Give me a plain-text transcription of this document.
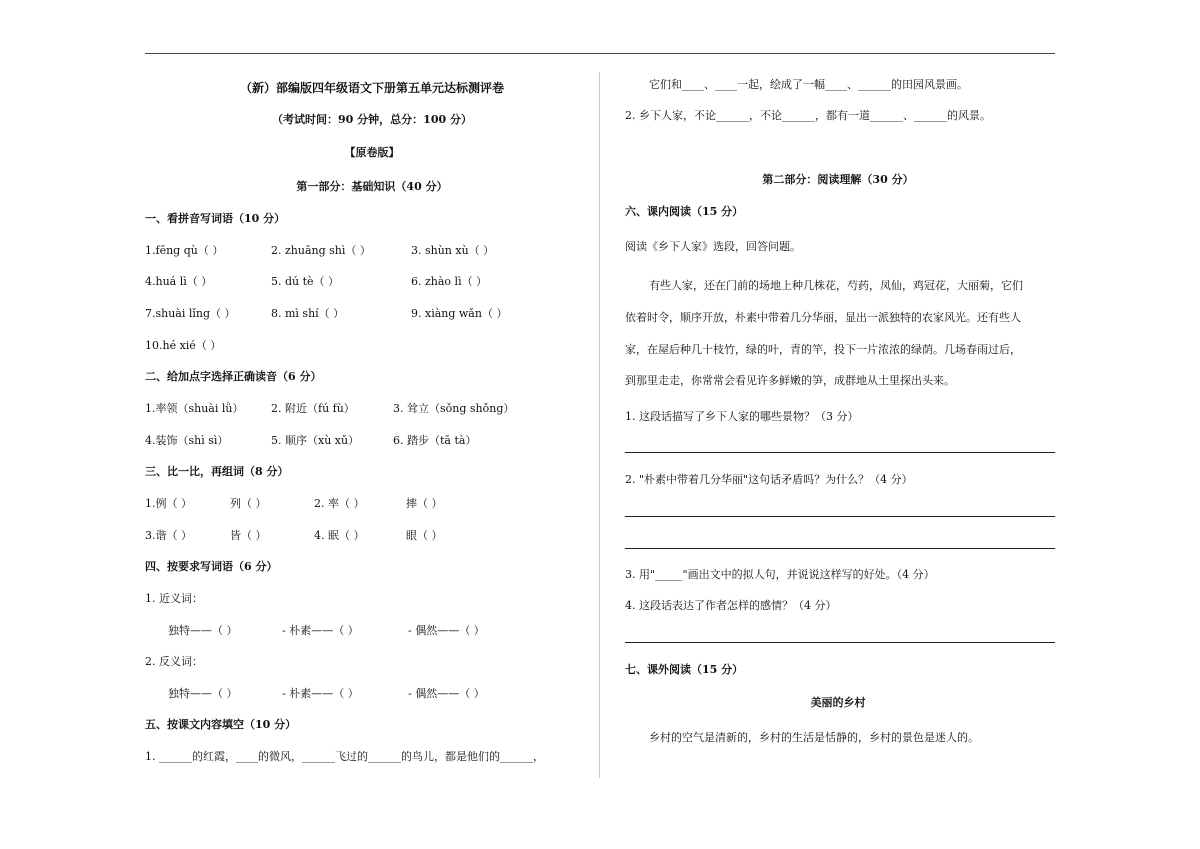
（新）部编版四年级语文下册第五单元达标测评卷
（考试时间：90 分钟，总分：100 分）
【原卷版】
第一部分：基础知识（40 分）
一、看拼音写词语（10 分）
1.fēng qù（ ）	2. zhuāng shì（ ）	3. shùn xù（ ）
4.huá lì（ ）	5. dú tè（ ）	6. zhào lì（ ）
7.shuài lǐng（ ）	8. mì shí（ ）	9. xiàng wǎn（ ）
10.hé xié（ ）
二、给加点字选择正确读音（6 分）
1.率领（shuài lǜ）	2. 附近（fú fù）	3. 耸立（sǒng shǒng）
4.装饰（shì sì）	5. 顺序（xù xǔ）	6. 踏步（tā tà）
三、比一比，再组词（8 分）
1.例（ ）	列（ ）	2. 率（ ）	摔（ ）
3.谐（ ）	皆（ ）	4. 眠（ ）	眼（ ）
四、按要求写词语（6 分）
1. 近义词：
独特——（ ）	- 朴素——（ ）	- 偶然——（ ）
2. 反义词：
独特——（ ）	- 朴素——（ ）	- 偶然——（ ）
五、按课文内容填空（10 分）
1. ______的红霞，____的微风，______飞过的______的鸟儿，都是他们的______，
它们和____、____一起，绘成了一幅____、______的田园风景画。
2. 乡下人家，不论______，不论______，都有一道______、______的风景。
第二部分：阅读理解（30 分）
六、课内阅读（15 分）
阅读《乡下人家》选段，回答问题。
有些人家，还在门前的场地上种几株花，芍药，凤仙，鸡冠花，大丽菊，它们
依着时令，顺序开放，朴素中带着几分华丽，显出一派独特的农家风光。还有些人
家，在屋后种几十枝竹，绿的叶，青的竿，投下一片浓浓的绿荫。几场春雨过后，
到那里走走，你常常会看见许多鲜嫩的笋，成群地从土里探出头来。
1. 这段话描写了乡下人家的哪些景物？（3 分）
2. "朴素中带着几分华丽"这句话矛盾吗？为什么？（4 分）
3. 用"_____"画出文中的拟人句，并说说这样写的好处。（4 分）
4. 这段话表达了作者怎样的感情？（4 分）
七、课外阅读（15 分）
美丽的乡村
乡村的空气是清新的，乡村的生活是恬静的，乡村的景色是迷人的。
